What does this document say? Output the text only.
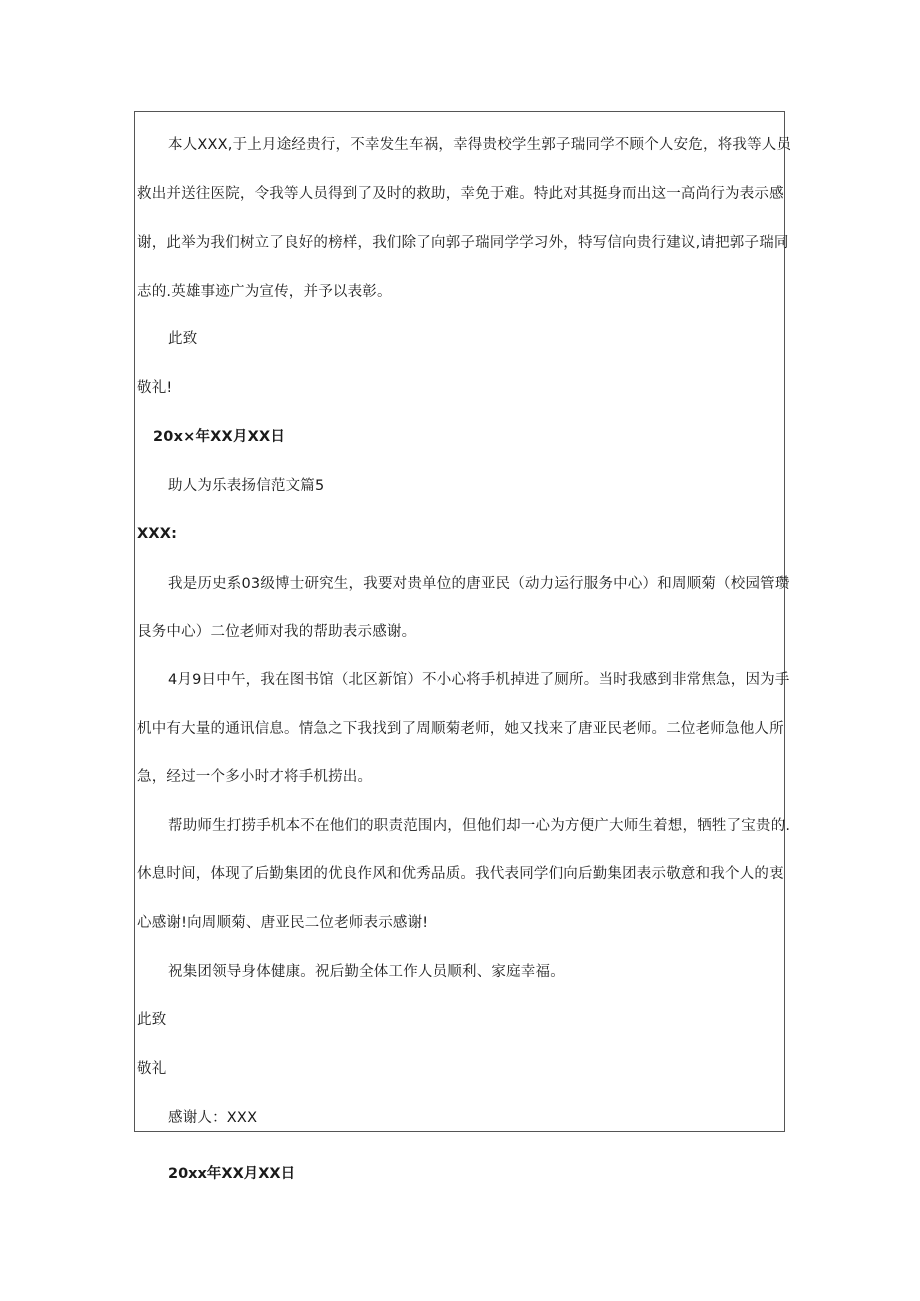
本人XXX,于上月途经贵行，不幸发生车祸，幸得贵校学生郭子瑞同学不顾个人安危，将我等人员
救出并送往医院，令我等人员得到了及时的救助，幸免于难。特此对其挺身而出这一高尚行为表示感
谢，此举为我们树立了良好的榜样，我们除了向郭子瑞同学学习外，特写信向贵行建议,请把郭子瑞同
志的.英雄事迹广为宣传，并予以表彰。
此致
敬礼!
20x×年XX月XX日
助人为乐表扬信范文篇5
XXX:
我是历史系03级博士研究生，我要对贵单位的唐亚民（动力运行服务中心）和周顺菊（校园管瓒
艮务中心）二位老师对我的帮助表示感谢。
4月9日中午，我在图书馆（北区新馆）不小心将手机掉进了厕所。当时我感到非常焦急，因为手
机中有大量的通讯信息。情急之下我找到了周顺菊老师，她又找来了唐亚民老师。二位老师急他人所
急，经过一个多小时才将手机捞出。
帮助师生打捞手机本不在他们的职责范围内，但他们却一心为方便广大师生着想，牺牲了宝贵的.
休息时间，体现了后勤集团的优良作风和优秀品质。我代表同学们向后勤集团表示敬意和我个人的衷
心感谢!向周顺菊、唐亚民二位老师表示感谢!
祝集团领导身体健康。祝后勤全体工作人员顺利、家庭幸福。
此致
敬礼
感谢人：XXX
20xx年XX月XX日
